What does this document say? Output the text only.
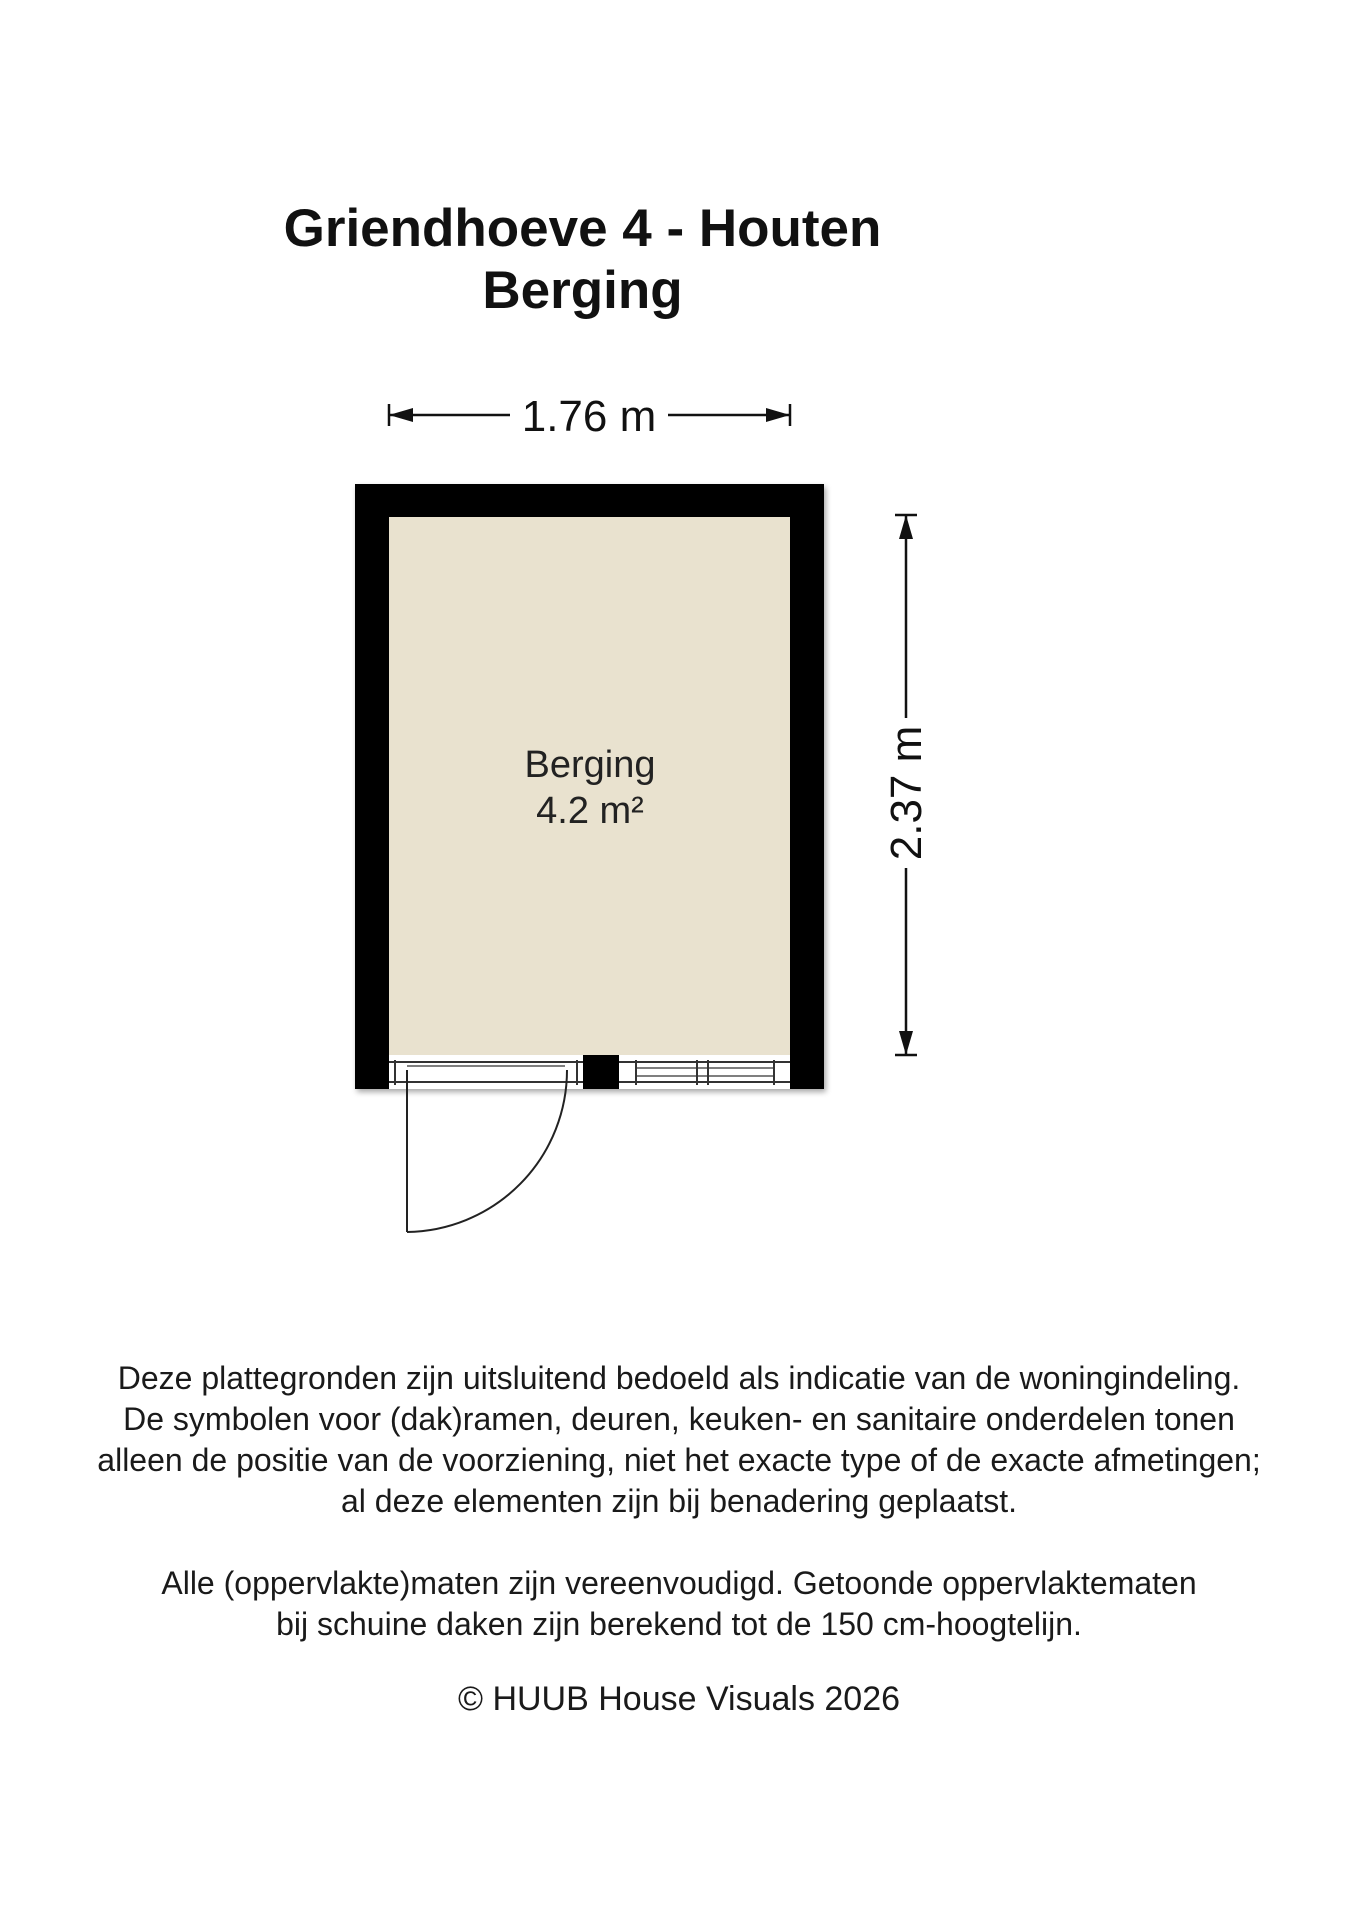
Griendhoeve 4 - Houten
Berging
1.76 m
2.37 m
Berging
4.2 m²

Deze plattegronden zijn uitsluitend bedoeld als indicatie van de woningindeling.

De symbolen voor (dak)ramen, deuren, keuken- en sanitaire onderdelen tonen

alleen de positie van de voorziening, niet het exacte type of de exacte afmetingen;

al deze elementen zijn bij benadering geplaatst.

Alle (oppervlakte)maten zijn vereenvoudigd. Getoonde oppervlaktematen

bij schuine daken zijn berekend tot de 150 cm-hoogtelijn.

© HUUB House Visuals 2026
